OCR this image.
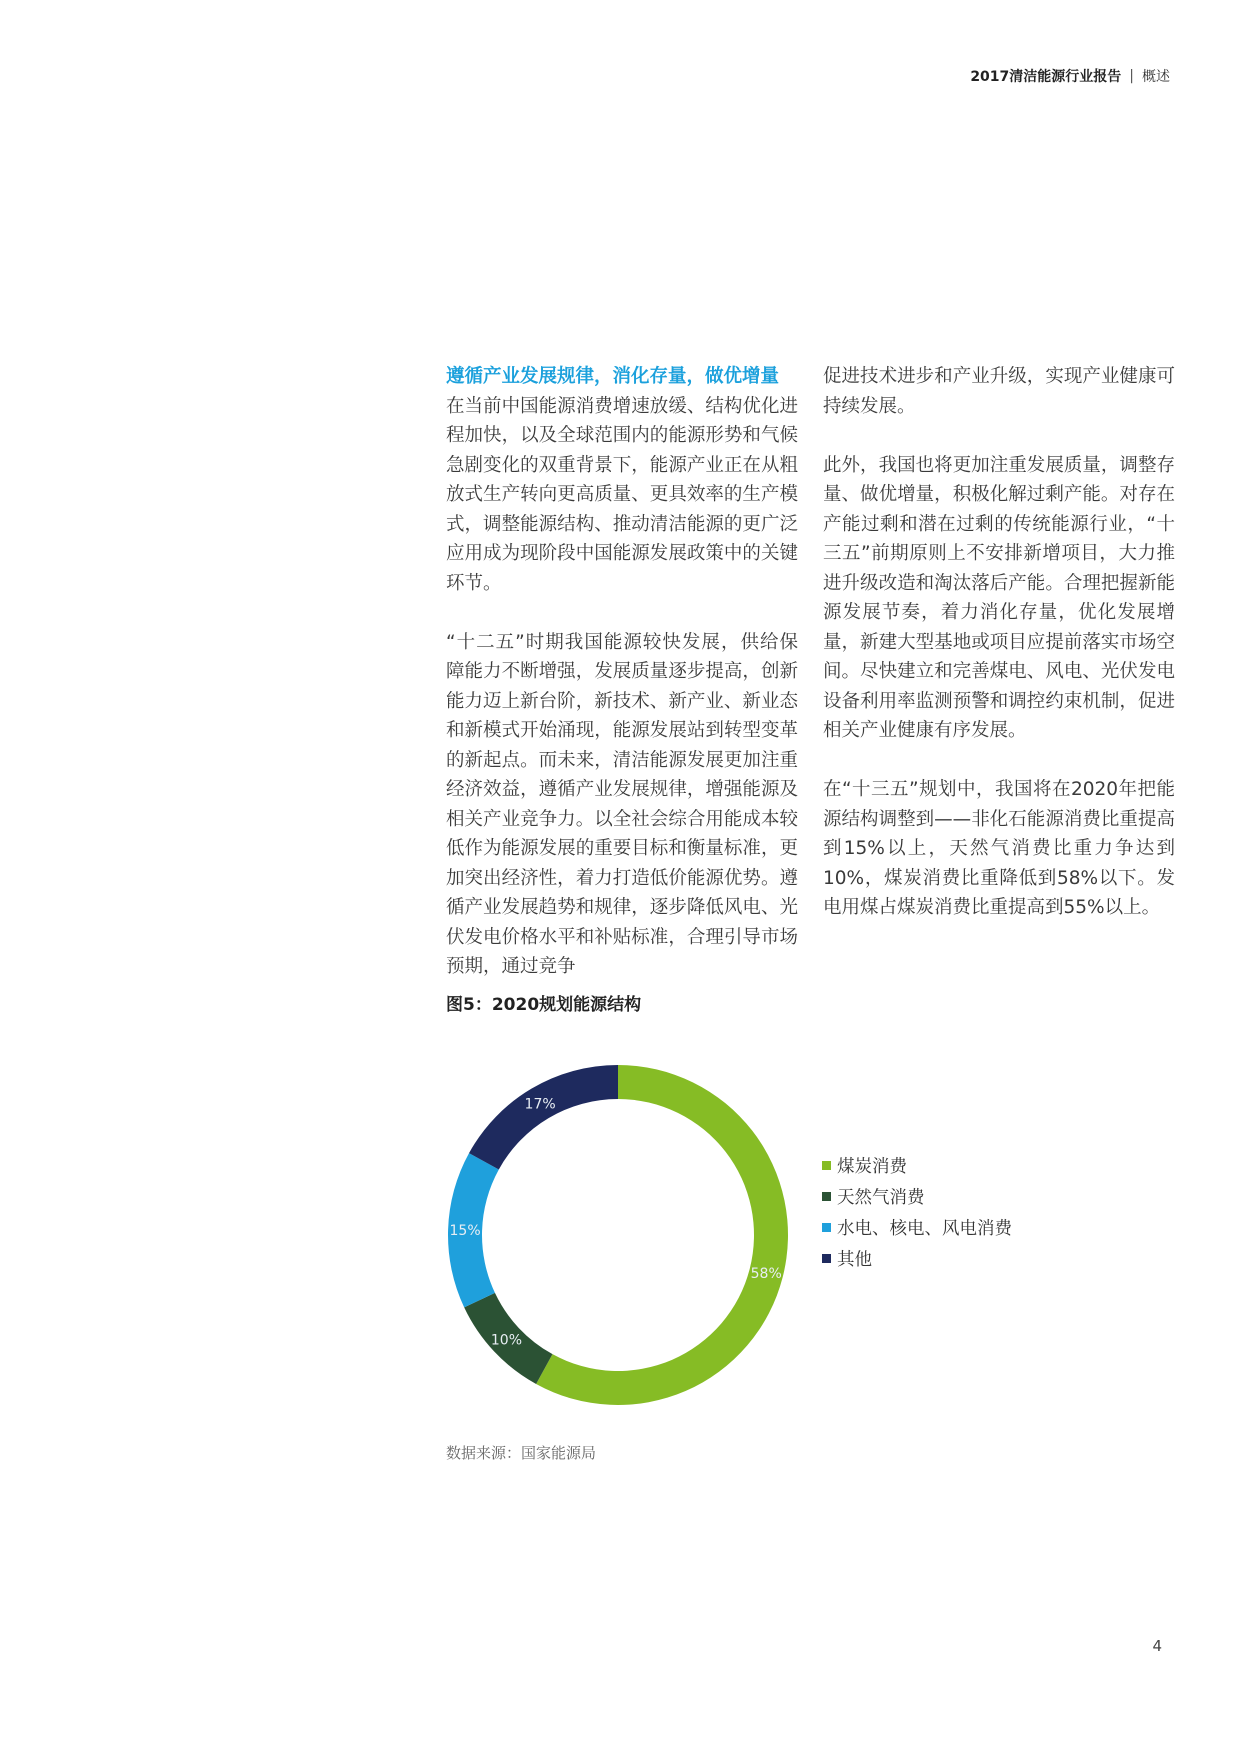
2017清洁能源行业报告 | 概述

遵循产业发展规律，消化存量，做优增量
在当前中国能源消费增速放缓、结构优化进程加快，以及全球范围内的能源形势和气候急剧变化的双重背景下，能源产业正在从粗放式生产转向更高质量、更具效率的生产模式，调整能源结构、推动清洁能源的更广泛应用成为现阶段中国能源发展政策中的关键环节。

“十二五”时期我国能源较快发展，供给保障能力不断增强，发展质量逐步提高，创新能力迈上新台阶，新技术、新产业、新业态和新模式开始涌现，能源发展站到转型变革的新起点。而未来，清洁能源发展更加注重经济效益，遵循产业发展规律，增强能源及相关产业竞争力。以全社会综合用能成本较低作为能源发展的重要目标和衡量标准，更加突出经济性，着力打造低价能源优势。遵循产业发展趋势和规律，逐步降低风电、光伏发电价格水平和补贴标准，合理引导市场预期，通过竞争

促进技术进步和产业升级，实现产业健康可持续发展。

此外，我国也将更加注重发展质量，调整存量、做优增量，积极化解过剩产能。对存在产能过剩和潜在过剩的传统能源行业，“十三五”前期原则上不安排新增项目，大力推进升级改造和淘汰落后产能。合理把握新能源发展节奏，着力消化存量，优化发展增量，新建大型基地或项目应提前落实市场空间。尽快建立和完善煤电、风电、光伏发电设备利用率监测预警和调控约束机制，促进相关产业健康有序发展。

在“十三五”规划中，我国将在2020年把能源结构调整到——非化石能源消费比重提高到15%以上，天然气消费比重力争达到10%，煤炭消费比重降低到58%以下。发电用煤占煤炭消费比重提高到55%以上。

图5：2020规划能源结构
58%
10%
15%
17%
煤炭消费
天然气消费
水电、核电、风电消费
其他
数据来源：国家能源局
4
